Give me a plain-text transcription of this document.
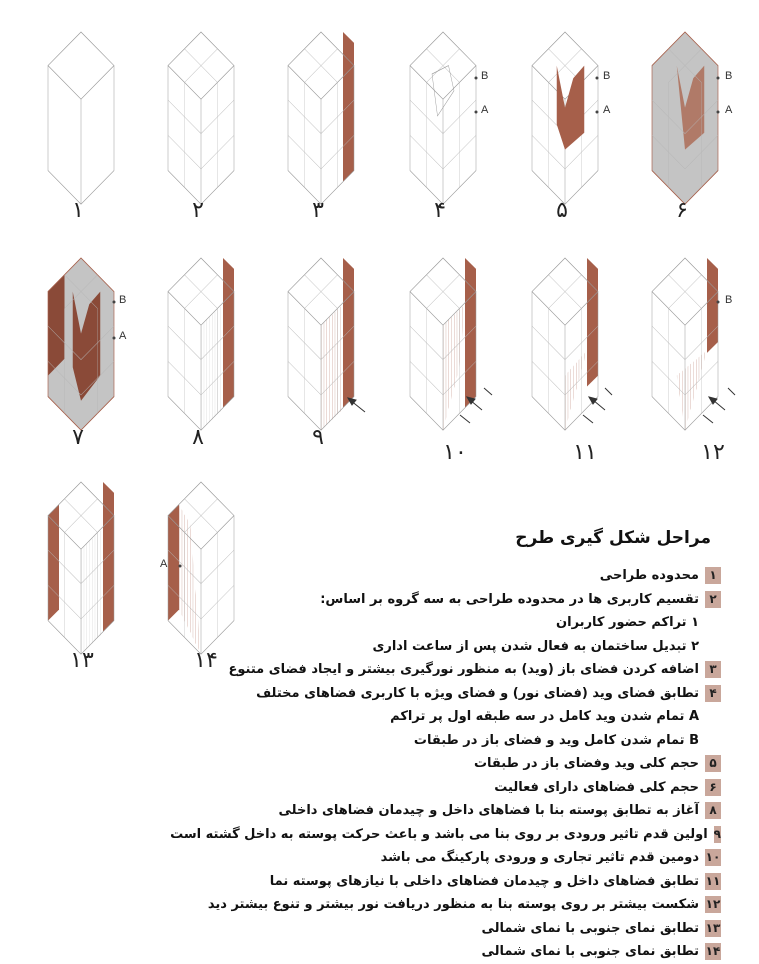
B
A
B
A
B
A
B
A
B
A
۱	۲	۳	۴	۵	۶
۷	۸	۹
۱۰	۱۱	۱۲
۱۳	۱۴
مراحل شکل گیری طرح
۱
محدوده طراحی
۲
تقسیم کاربری ها در محدوده طراحی به سه گروه بر اساس:
۱ تراکم حضور کاربران
۲ تبدیل ساختمان به فعال شدن پس از ساعت اداری
۳
اضافه کردن فضای باز (وید) به منظور نورگیری بیشتر و ایجاد فضای متنوع
۴
تطابق فضای وید (فضای نور) و فضای ویژه با کاربری فضاهای مختلف
A تمام شدن وید کامل در سه طبقه اول پر تراکم
B تمام شدن کامل وید و فضای باز در طبقات
۵
حجم کلی وید وفضای باز در طبقات
۶
حجم کلی فضاهای دارای فعالیت
۸
آغاز به تطابق پوسته بنا با فضاهای داخل و چیدمان فضاهای داخلی
۹
اولین قدم تاثیر ورودی بر روی بنا می باشد و باعث حرکت پوسته به داخل گشته است
۱۰
دومین قدم تاثیر تجاری و ورودی پارکینگ می باشد
۱۱
تطابق فضاهای داخل و چیدمان فضاهای داخلی با نیازهای پوسته نما
۱۲
شکست بیشتر بر روی پوسته بنا به منظور دریافت نور بیشتر و تنوع بیشتر دید
۱۳
تطابق نمای جنوبی با نمای شمالی
۱۴
تطابق نمای جنوبی با نمای شمالی
